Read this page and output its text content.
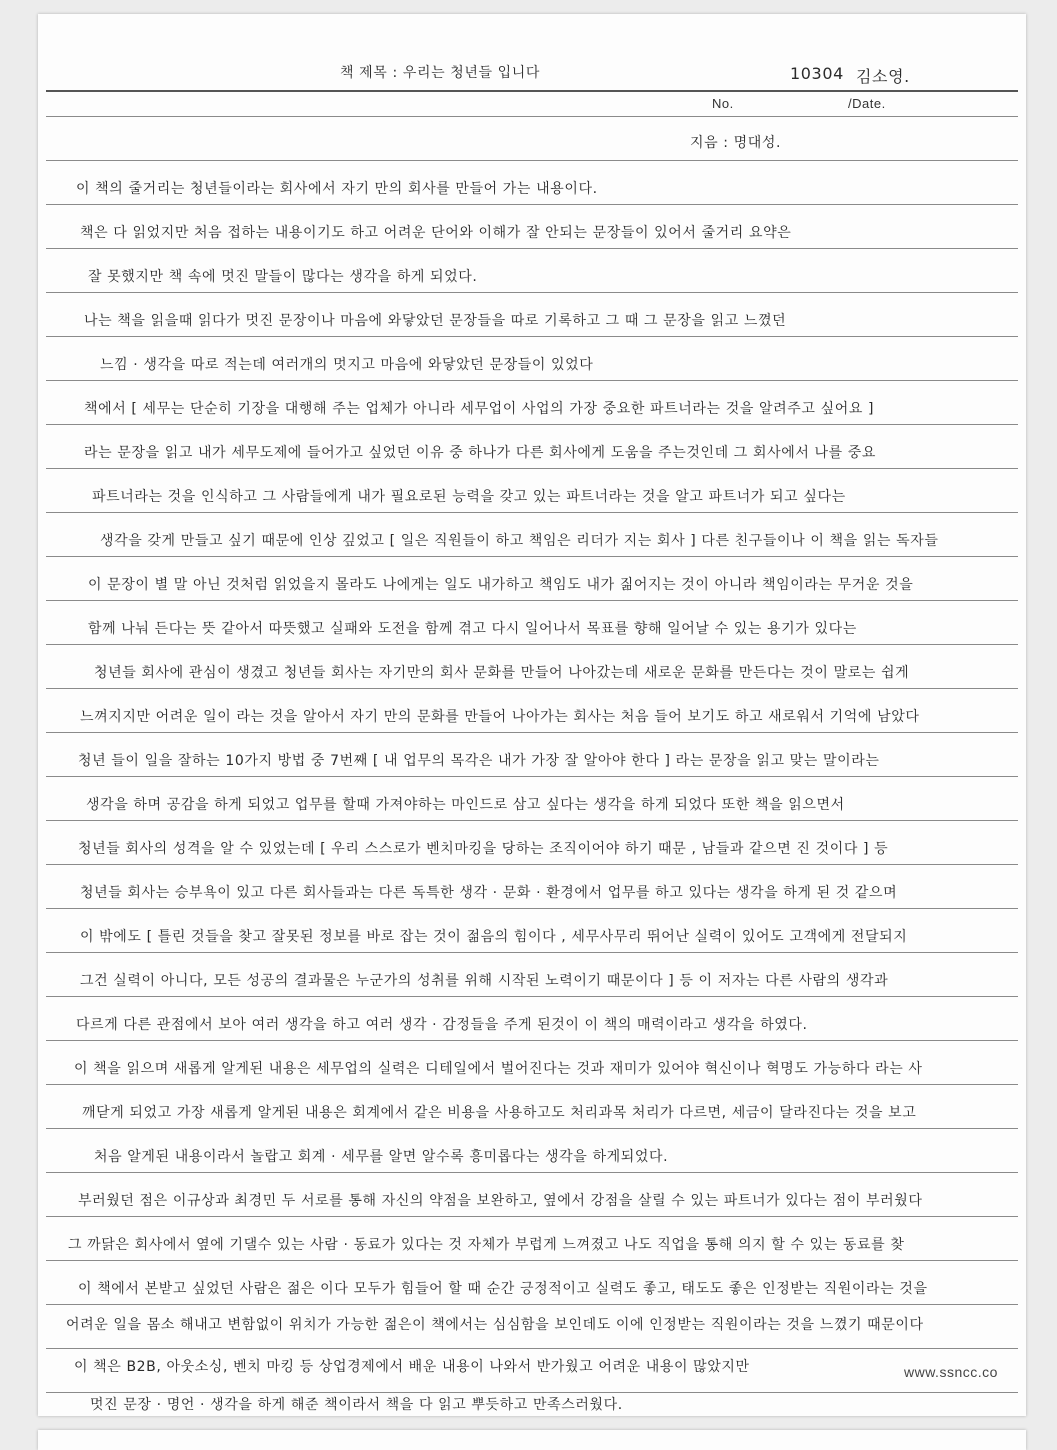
책 제목 : 우리는 청년들 입니다	10304 김소영.
No.	/Date.
지음 : 명대성.
이 책의 줄거리는 청년들이라는 회사에서 자기 만의 회사를 만들어 가는 내용이다.
책은 다 읽었지만 처음 접하는 내용이기도 하고 어려운 단어와 이해가 잘 안되는 문장들이 있어서 줄거리 요약은
잘 못했지만 책 속에 멋진 말들이 많다는 생각을 하게 되었다.
나는 책을 읽을때 읽다가 멋진 문장이나 마음에 와닿았던 문장들을 따로 기록하고 그 때 그 문장을 읽고 느꼈던
느낌 · 생각을 따로 적는데 여러개의 멋지고 마음에 와닿았던 문장들이 있었다
책에서 [ 세무는 단순히 기장을 대행해 주는 업체가 아니라 세무업이 사업의 가장 중요한 파트너라는 것을 알려주고 싶어요 ]
라는 문장을 읽고 내가 세무도제에 들어가고 싶었던 이유 중 하나가 다른 회사에게 도움을 주는것인데 그 회사에서 나를 중요
파트너라는 것을 인식하고 그 사람들에게 내가 필요로된 능력을 갖고 있는 파트너라는 것을 알고 파트너가 되고 싶다는
생각을 갖게 만들고 싶기 때문에 인상 깊었고 [ 일은 직원들이 하고 책임은 리더가 지는 회사 ] 다른 친구들이나 이 책을 읽는 독자들
이 문장이 별 말 아닌 것처럼 읽었을지 몰라도 나에게는 일도 내가하고 책임도 내가 짊어지는 것이 아니라 책임이라는 무거운 것을
함께 나눠 든다는 뜻 같아서 따뜻했고 실패와 도전을 함께 겪고 다시 일어나서 목표를 향해 일어날 수 있는 용기가 있다는
청년들 회사에 관심이 생겼고 청년들 회사는 자기만의 회사 문화를 만들어 나아갔는데 새로운 문화를 만든다는 것이 말로는 쉽게
느껴지지만 어려운 일이 라는 것을 알아서 자기 만의 문화를 만들어 나아가는 회사는 처음 들어 보기도 하고 새로워서 기억에 남았다
청년 들이 일을 잘하는 10가지 방법 중 7번째 [ 내 업무의 목각은 내가 가장 잘 알아야 한다 ] 라는 문장을 읽고 맞는 말이라는
생각을 하며 공감을 하게 되었고 업무를 할때 가져야하는 마인드로 삼고 싶다는 생각을 하게 되었다 또한 책을 읽으면서
청년들 회사의 성격을 알 수 있었는데 [ 우리 스스로가 벤치마킹을 당하는 조직이어야 하기 때문 , 남들과 같으면 진 것이다 ] 등
청년들 회사는 승부욕이 있고 다른 회사들과는 다른 독특한 생각 · 문화 · 환경에서 업무를 하고 있다는 생각을 하게 된 것 같으며
이 밖에도 [ 틀린 것들을 찾고 잘못된 정보를 바로 잡는 것이 젊음의 힘이다 , 세무사무리 뛰어난 실력이 있어도 고객에게 전달되지
그건 실력이 아니다, 모든 성공의 결과물은 누군가의 성취를 위해 시작된 노력이기 때문이다 ] 등 이 저자는 다른 사람의 생각과
다르게 다른 관점에서 보아 여러 생각을 하고 여러 생각 · 감정들을 주게 된것이 이 책의 매력이라고 생각을 하였다.
이 책을 읽으며 새롭게 알게된 내용은 세무업의 실력은 디테일에서 벌어진다는 것과 재미가 있어야 혁신이나 혁명도 가능하다 라는 사
깨닫게 되었고 가장 새롭게 알게된 내용은 회계에서 같은 비용을 사용하고도 처리과목 처리가 다르면, 세금이 달라진다는 것을 보고
처음 알게된 내용이라서 놀랍고 회계 · 세무를 알면 알수록 흥미롭다는 생각을 하게되었다.
부러웠던 점은 이규상과 최경민 두 서로를 통해 자신의 약점을 보완하고, 옆에서 강점을 살릴 수 있는 파트너가 있다는 점이 부러웠다
그 까닭은 회사에서 옆에 기댈수 있는 사람 · 동료가 있다는 것 자체가 부럽게 느껴졌고 나도 직업을 통해 의지 할 수 있는 동료를 찾
이 책에서 본받고 싶었던 사람은 젊은 이다 모두가 힘들어 할 때 순간 긍정적이고 실력도 좋고, 태도도 좋은 인정받는 직원이라는 것을
어려운 일을 몸소 해내고 변함없이 위치가 가능한 젊은이 책에서는 심심함을 보인데도 이에 인정받는 직원이라는 것을 느꼈기 때문이다
이 책은 B2B, 아웃소싱, 벤치 마킹 등 상업경제에서 배운 내용이 나와서 반가웠고 어려운 내용이 많았지만
멋진 문장 · 명언 · 생각을 하게 해준 책이라서 책을 다 읽고 뿌듯하고 만족스러웠다.
www.ssncc.co
